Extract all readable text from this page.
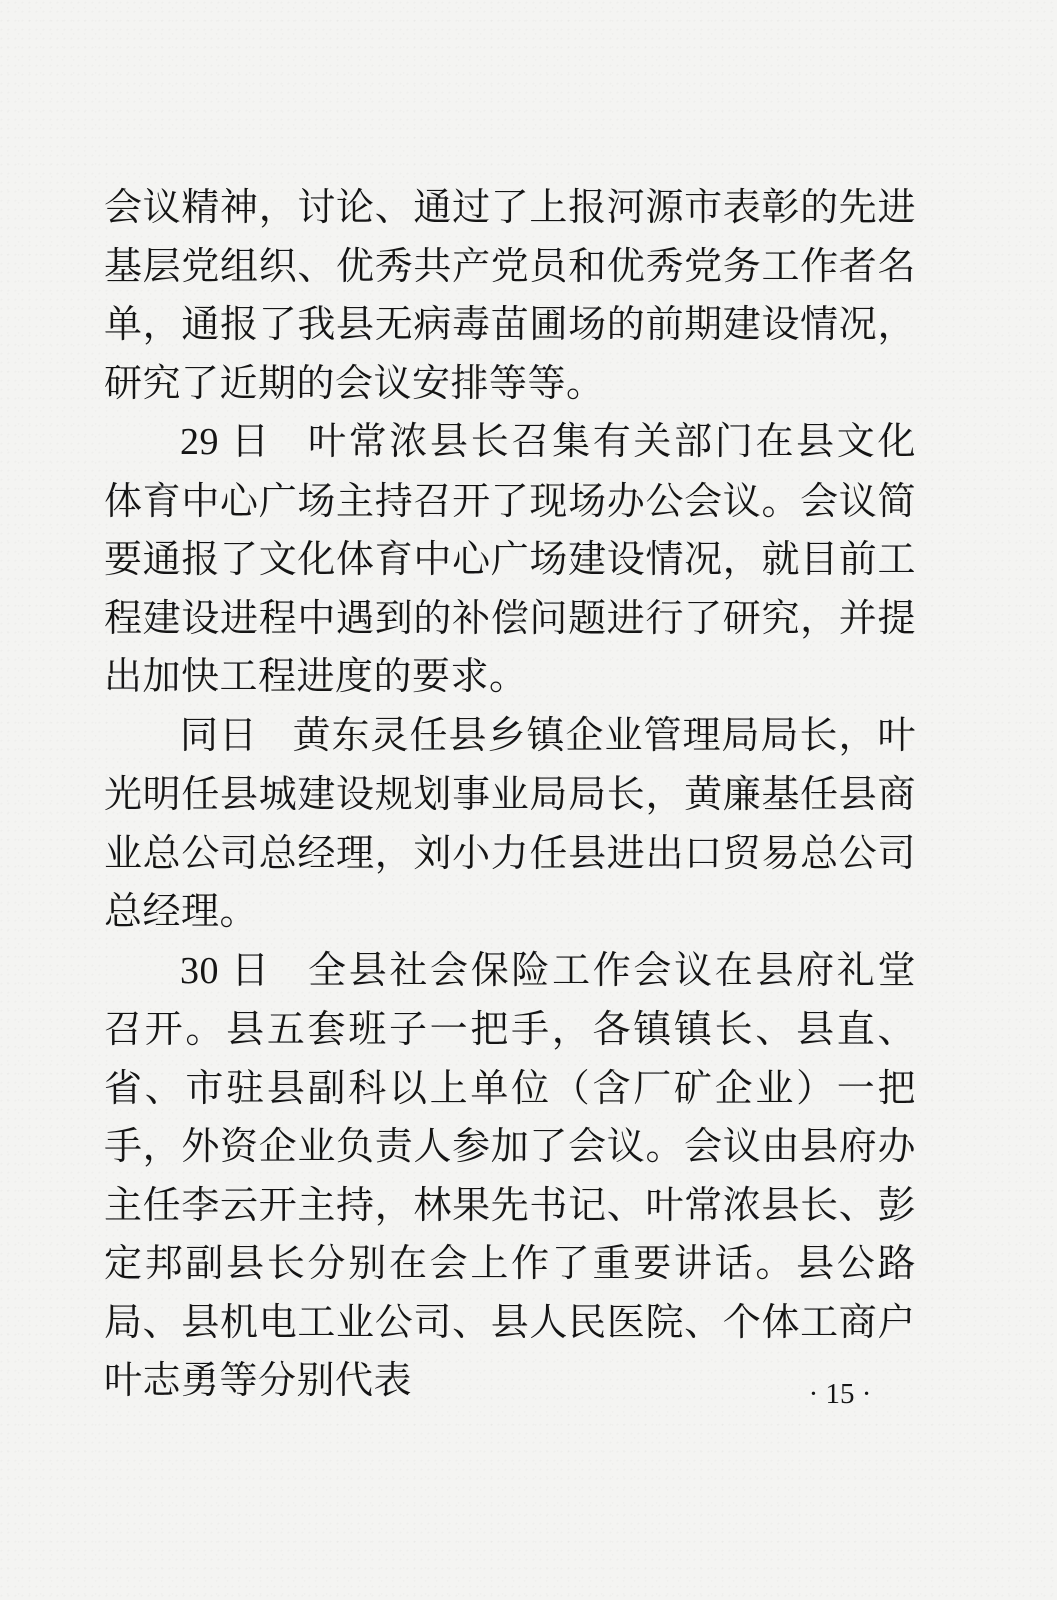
会议精神，讨论、通过了上报河源市表彰的先进基层党组织、优秀共产党员和优秀党务工作者名单，通报了我县无病毒苗圃场的前期建设情况，研究了近期的会议安排等等。

29 日 叶常浓县长召集有关部门在县文化体育中心广场主持召开了现场办公会议。会议简要通报了文化体育中心广场建设情况，就目前工程建设进程中遇到的补偿问题进行了研究，并提出加快工程进度的要求。

同日 黄东灵任县乡镇企业管理局局长，叶光明任县城建设规划事业局局长，黄廉基任县商业总公司总经理，刘小力任县进出口贸易总公司总经理。

30 日 全县社会保险工作会议在县府礼堂召开。县五套班子一把手，各镇镇长、县直、省、市驻县副科以上单位（含厂矿企业）一把手，外资企业负责人参加了会议。会议由县府办主任李云开主持，林果先书记、叶常浓县长、彭定邦副县长分别在会上作了重要讲话。县公路局、县机电工业公司、县人民医院、个体工商户叶志勇等分别代表	· 15 ·
